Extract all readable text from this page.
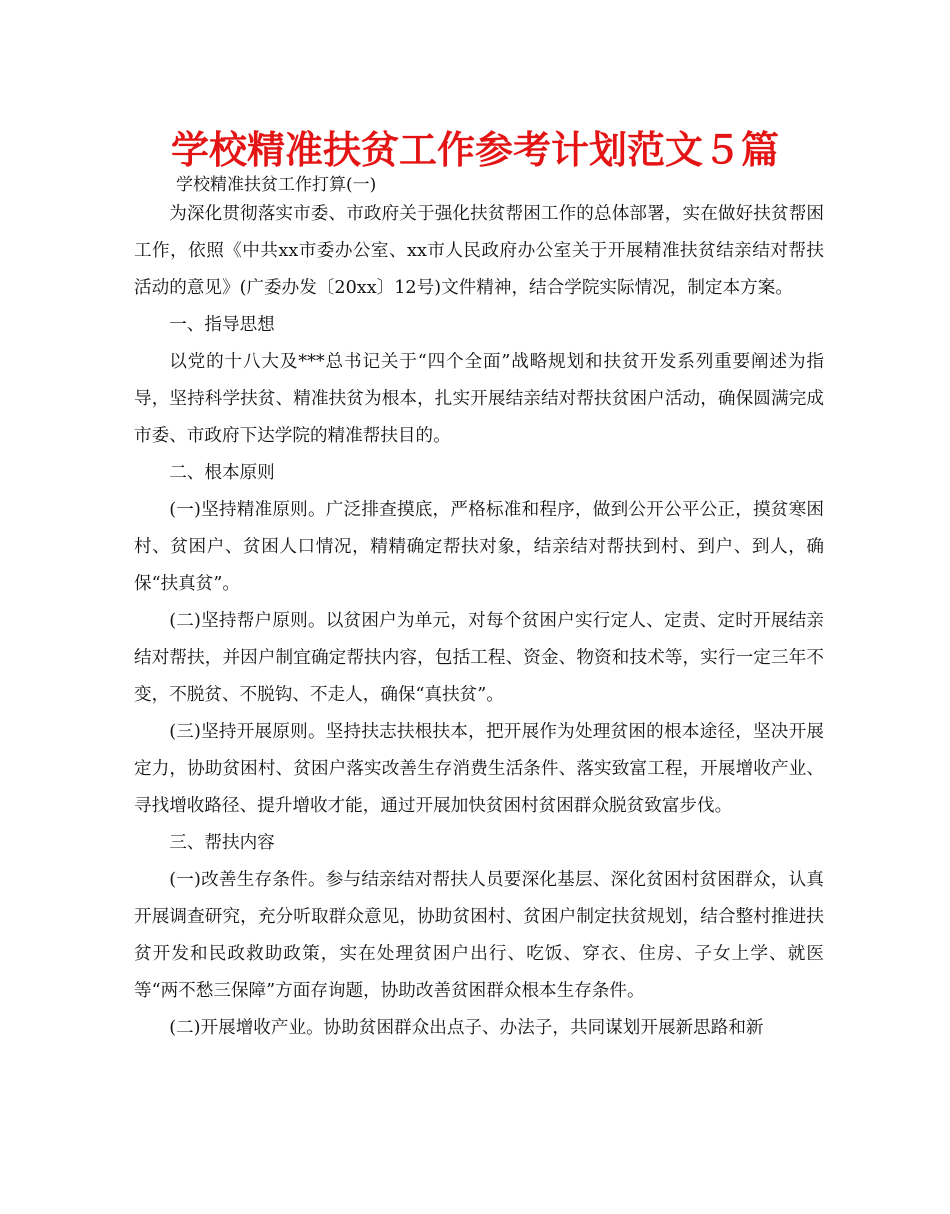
学校精准扶贫工作参考计划范文５篇
学校精准扶贫工作打算(一)

为深化贯彻落实市委、市政府关于强化扶贫帮困工作的总体部署，实在做好扶贫帮困工作，依照《中共xx市委办公室、xx市人民政府办公室关于开展精准扶贫结亲结对帮扶活动的意见》(广委办发〔20xx〕12号)文件精神，结合学院实际情况，制定本方案。

一、指导思想

以党的十八大及***总书记关于“四个全面”战略规划和扶贫开发系列重要阐述为指导，坚持科学扶贫、精准扶贫为根本，扎实开展结亲结对帮扶贫困户活动，确保圆满完成市委、市政府下达学院的精准帮扶目的。

二、根本原则

(一)坚持精准原则。广泛排查摸底，严格标准和程序，做到公开公平公正，摸贫寒困村、贫困户、贫困人口情况，精精确定帮扶对象，结亲结对帮扶到村、到户、到人，确保“扶真贫”。

(二)坚持帮户原则。以贫困户为单元，对每个贫困户实行定人、定责、定时开展结亲结对帮扶，并因户制宜确定帮扶内容，包括工程、资金、物资和技术等，实行一定三年不变，不脱贫、不脱钩、不走人，确保“真扶贫”。

(三)坚持开展原则。坚持扶志扶根扶本，把开展作为处理贫困的根本途径，坚决开展定力，协助贫困村、贫困户落实改善生存消费生活条件、落实致富工程，开展增收产业、寻找增收路径、提升增收才能，通过开展加快贫困村贫困群众脱贫致富步伐。

三、帮扶内容

(一)改善生存条件。参与结亲结对帮扶人员要深化基层、深化贫困村贫困群众，认真开展调查研究，充分听取群众意见，协助贫困村、贫困户制定扶贫规划，结合整村推进扶贫开发和民政救助政策，实在处理贫困户出行、吃饭、穿衣、住房、子女上学、就医等“两不愁三保障”方面存询题，协助改善贫困群众根本生存条件。

(二)开展增收产业。协助贫困群众出点子、办法子，共同谋划开展新思路和新
